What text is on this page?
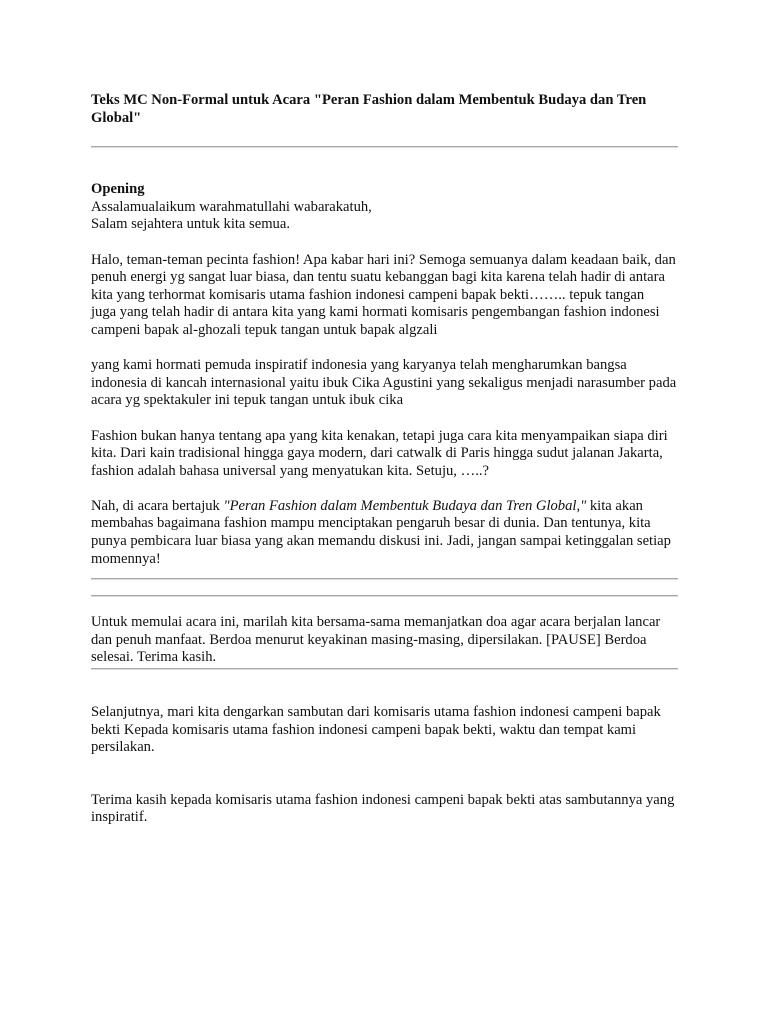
Teks MC Non-Formal untuk Acara "Peran Fashion dalam Membentuk Budaya dan Tren Global"

Opening

Assalamualaikum warahmatullahi wabarakatuh,

Salam sejahtera untuk kita semua.

Halo, teman-teman pecinta fashion! Apa kabar hari ini? Semoga semuanya dalam keadaan baik, dan penuh energi yg sangat luar biasa, dan tentu suatu kebanggan bagi kita karena telah hadir di antara kita yang terhormat komisaris utama fashion indonesi campeni bapak bekti…….. tepuk tangan

juga yang telah hadir di antara kita yang kami hormati komisaris pengembangan fashion indonesi campeni bapak al-ghozali tepuk tangan untuk bapak algzali

yang kami hormati pemuda inspiratif indonesia yang karyanya telah mengharumkan bangsa indonesia di kancah internasional yaitu ibuk Cika Agustini yang sekaligus menjadi narasumber pada acara yg spektakuler ini tepuk tangan untuk ibuk cika

Fashion bukan hanya tentang apa yang kita kenakan, tetapi juga cara kita menyampaikan siapa diri kita. Dari kain tradisional hingga gaya modern, dari catwalk di Paris hingga sudut jalanan Jakarta, fashion adalah bahasa universal yang menyatukan kita. Setuju, …..?

Nah, di acara bertajuk "Peran Fashion dalam Membentuk Budaya dan Tren Global," kita akan membahas bagaimana fashion mampu menciptakan pengaruh besar di dunia. Dan tentunya, kita punya pembicara luar biasa yang akan memandu diskusi ini. Jadi, jangan sampai ketinggalan setiap momennya!

Untuk memulai acara ini, marilah kita bersama-sama memanjatkan doa agar acara berjalan lancar dan penuh manfaat. Berdoa menurut keyakinan masing-masing, dipersilakan. [PAUSE] Berdoa selesai. Terima kasih.

Selanjutnya, mari kita dengarkan sambutan dari komisaris utama fashion indonesi campeni bapak bekti Kepada komisaris utama fashion indonesi campeni bapak bekti, waktu dan tempat kami persilakan.

Terima kasih kepada komisaris utama fashion indonesi campeni bapak bekti atas sambutannya yang inspiratif.
